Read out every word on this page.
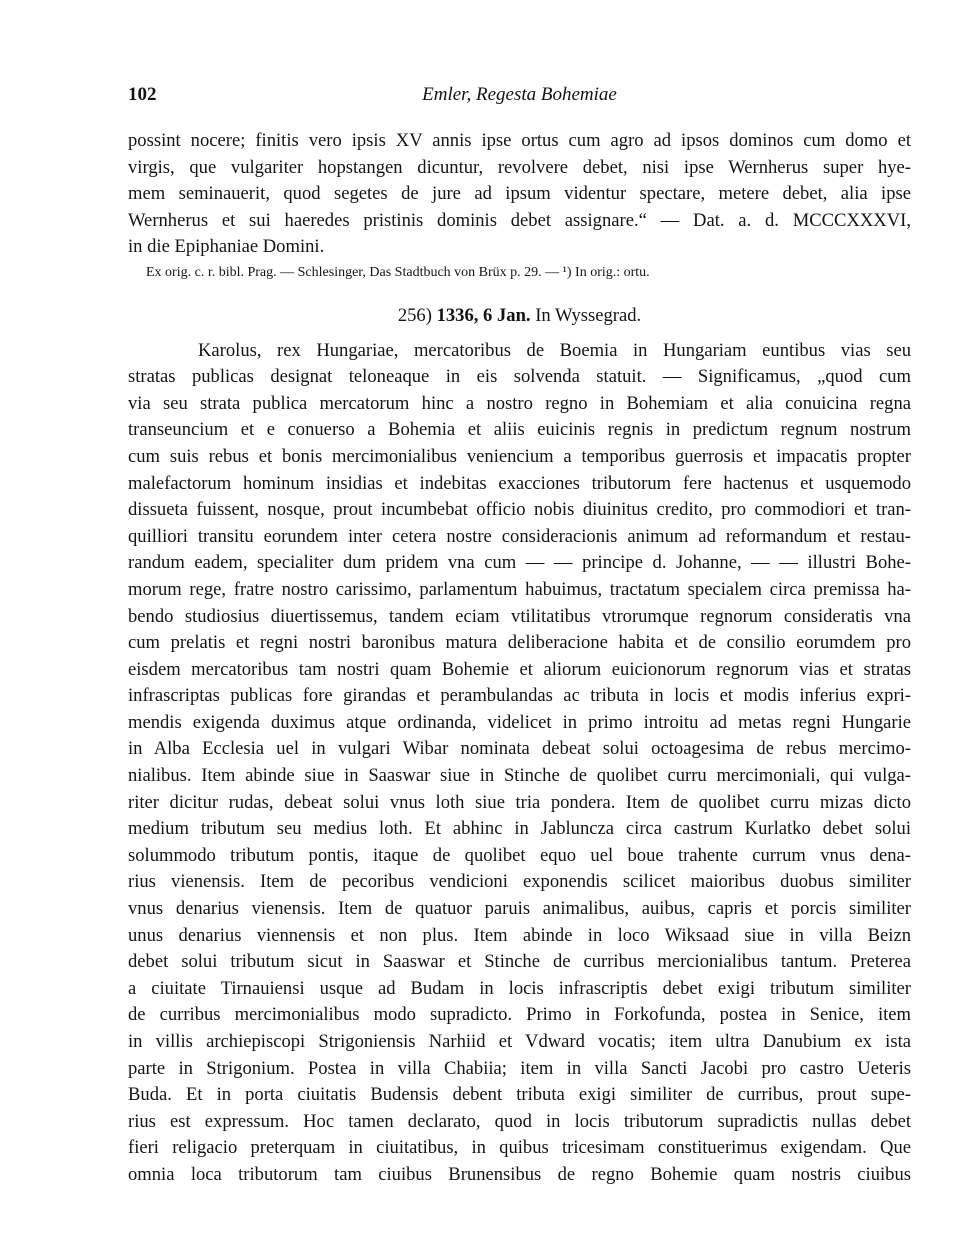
102	Emler, Regesta Bohemiae
possint nocere; finitis vero ipsis XV annis ipse ortus cum agro ad ipsos dominos cum domo et
virgis, que vulgariter hopstangen dicuntur, revolvere debet, nisi ipse Wernherus super hye-
mem seminauerit, quod segetes de jure ad ipsum videntur spectare, metere debet, alia ipse
Wernherus et sui haeredes pristinis dominis debet assignare.“ — Dat. a. d. MCCCXXXVI,
in die Epiphaniae Domini.
Ex orig. c. r. bibl. Prag. — Schlesinger, Das Stadtbuch von Brüx p. 29. — ¹) In orig.: ortu.
256) 1336, 6 Jan. In Wyssegrad.
Karolus, rex Hungariae, mercatoribus de Boemia in Hungariam euntibus vias seu
stratas publicas designat teloneaque in eis solvenda statuit. — Significamus, „quod cum
via seu strata publica mercatorum hinc a nostro regno in Bohemiam et alia conuicina regna
transeuncium et e conuerso a Bohemia et aliis euicinis regnis in predictum regnum nostrum
cum suis rebus et bonis mercimonialibus veniencium a temporibus guerrosis et impacatis propter
malefactorum hominum insidias et indebitas exacciones tributorum fere hactenus et usquemodo
dissueta fuissent, nosque, prout incumbebat officio nobis diuinitus credito, pro commodiori et tran-
quilliori transitu eorundem inter cetera nostre consideracionis animum ad reformandum et restau-
randum eadem, specialiter dum pridem vna cum — — principe d. Johanne, — — illustri Bohe-
morum rege, fratre nostro carissimo, parlamentum habuimus, tractatum specialem circa premissa ha-
bendo studiosius diuertissemus, tandem eciam vtilitatibus vtrorumque regnorum consideratis vna
cum prelatis et regni nostri baronibus matura deliberacione habita et de consilio eorumdem pro
eisdem mercatoribus tam nostri quam Bohemie et aliorum euicionorum regnorum vias et stratas
infrascriptas publicas fore girandas et perambulandas ac tributa in locis et modis inferius expri-
mendis exigenda duximus atque ordinanda, videlicet in primo introitu ad metas regni Hungarie
in Alba Ecclesia uel in vulgari Wibar nominata debeat solui octoagesima de rebus mercimo-
nialibus. Item abinde siue in Saaswar siue in Stinche de quolibet curru mercimoniali, qui vulga-
riter dicitur rudas, debeat solui vnus loth siue tria pondera. Item de quolibet curru mizas dicto
medium tributum seu medius loth. Et abhinc in Jabluncza circa castrum Kurlatko debet solui
solummodo tributum pontis, itaque de quolibet equo uel boue trahente currum vnus dena-
rius vienensis. Item de pecoribus vendicioni exponendis scilicet maioribus duobus similiter
vnus denarius vienensis. Item de quatuor paruis animalibus, auibus, capris et porcis similiter
unus denarius viennensis et non plus. Item abinde in loco Wiksaad siue in villa Beizn
debet solui tributum sicut in Saaswar et Stinche de curribus mercionialibus tantum. Preterea
a ciuitate Tirnauiensi usque ad Budam in locis infrascriptis debet exigi tributum similiter
de curribus mercimonialibus modo supradicto. Primo in Forkofunda, postea in Senice, item
in villis archiepiscopi Strigoniensis Narhiid et Vdward vocatis; item ultra Danubium ex ista
parte in Strigonium. Postea in villa Chabiia; item in villa Sancti Jacobi pro castro Ueteris
Buda. Et in porta ciuitatis Budensis debent tributa exigi similiter de curribus, prout supe-
rius est expressum. Hoc tamen declarato, quod in locis tributorum supradictis nullas debet
fieri religacio preterquam in ciuitatibus, in quibus tricesimam constituerimus exigendam. Que
omnia loca tributorum tam ciuibus Brunensibus de regno Bohemie quam nostris ciuibus
